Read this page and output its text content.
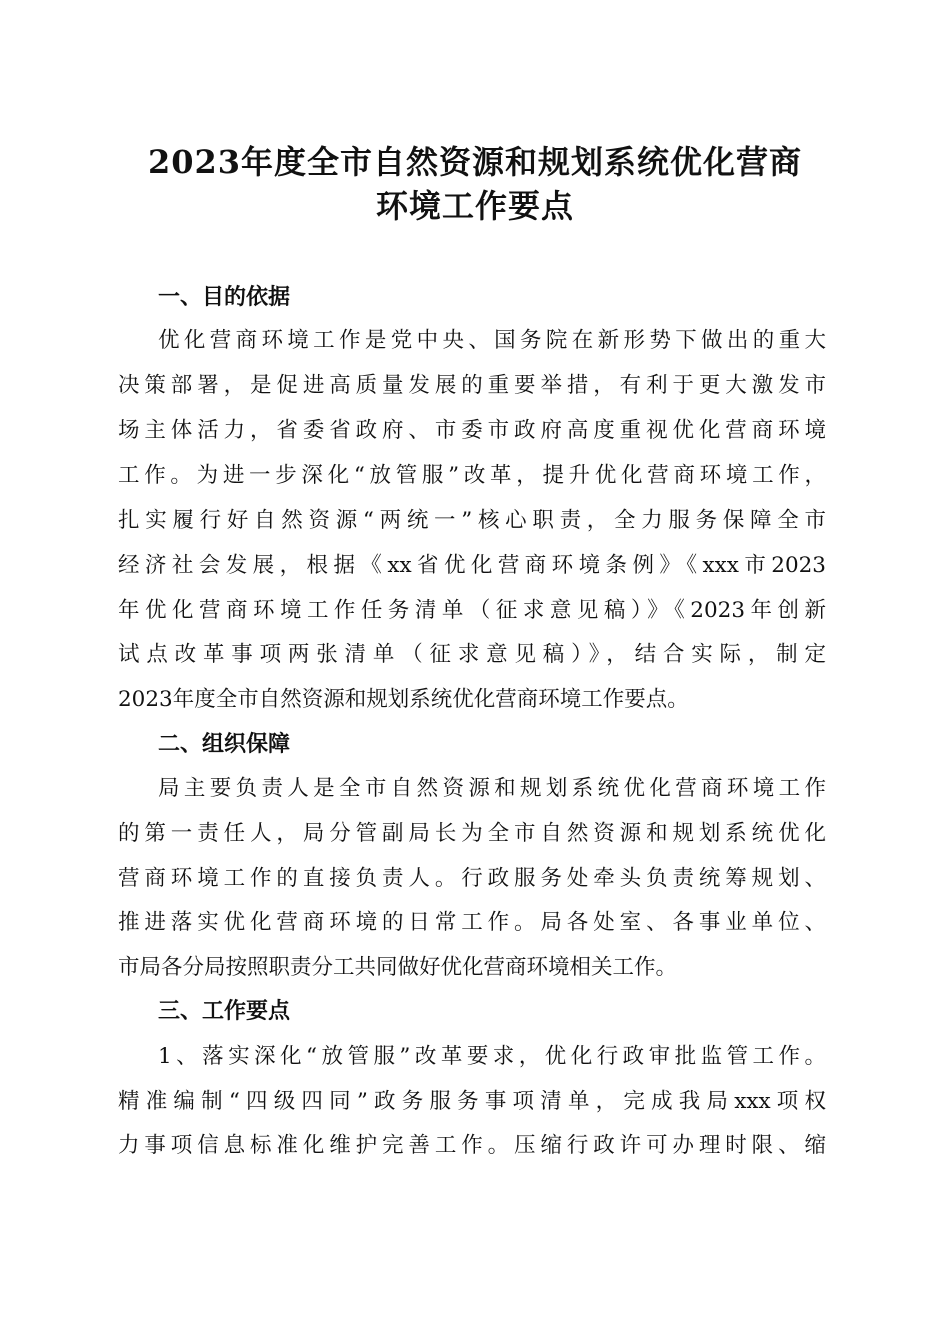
2023年度全市自然资源和规划系统优化营商
环境工作要点
一、目的依据
优化营商环境工作是党中央、国务院在新形势下做出的重大
决策部署，是促进高质量发展的重要举措，有利于更大激发市
场主体活力，省委省政府、市委市政府高度重视优化营商环境
工作。为进一步深化“放管服”改革，提升优化营商环境工作，
扎实履行好自然资源“两统一”核心职责，全力服务保障全市
经济社会发展，根据《xx省优化营商环境条例》《xxx市2023
年优化营商环境工作任务清单（征求意见稿）》《2023年创新
试点改革事项两张清单（征求意见稿）》，结合实际，制定
2023年度全市自然资源和规划系统优化营商环境工作要点。
二、组织保障
局主要负责人是全市自然资源和规划系统优化营商环境工作
的第一责任人，局分管副局长为全市自然资源和规划系统优化
营商环境工作的直接负责人。行政服务处牵头负责统筹规划、
推进落实优化营商环境的日常工作。局各处室、各事业单位、
市局各分局按照职责分工共同做好优化营商环境相关工作。
三、工作要点
1、落实深化“放管服”改革要求，优化行政审批监管工作。
精准编制“四级四同”政务服务事项清单，完成我局xxx项权
力事项信息标准化维护完善工作。压缩行政许可办理时限、缩
